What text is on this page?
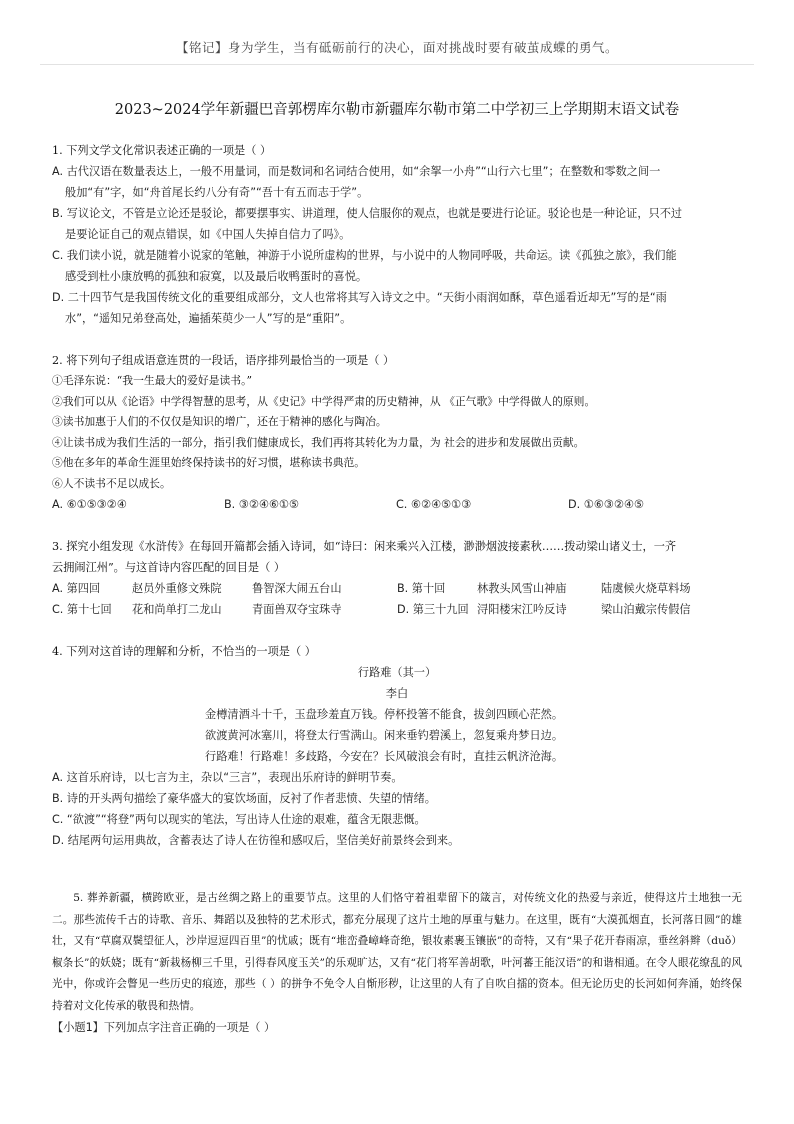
【铭记】身为学生，当有砥砺前行的决心，面对挑战时要有破茧成蝶的勇气。
2023~2024学年新疆巴音郭楞库尔勒市新疆库尔勒市第二中学初三上学期期末语文试卷
1. 下列文学文化常识表述正确的一项是（ ）
A. 古代汉语在数量表达上，一般不用量词，而是数词和名词结合使用，如“余挐一小舟”“山行六七里”；在整数和零数之间一
般加“有”字，如“舟首尾长约八分有奇”“吾十有五而志于学”。
B. 写议论文，不管是立论还是驳论，都要摆事实、讲道理，使人信服你的观点，也就是要进行论证。驳论也是一种论证，只不过
是要论证自己的观点错误，如《中国人失掉自信力了吗》。
C. 我们读小说，就是随着小说家的笔触，神游于小说所虚构的世界，与小说中的人物同呼吸，共命运。读《孤独之旅》，我们能
感受到杜小康放鸭的孤独和寂寞，以及最后收鸭蛋时的喜悦。
D. 二十四节气是我国传统文化的重要组成部分，文人也常将其写入诗文之中。“天街小雨润如酥，草色遥看近却无”写的是“雨
水”，“遥知兄弟登高处，遍插茱萸少一人”写的是“重阳”。
2. 将下列句子组成语意连贯的一段话，语序排列最恰当的一项是（ ）
①毛泽东说：“我一生最大的爱好是读书。”
②我们可以从《论语》中学得智慧的思考，从《史记》中学得严肃的历史精神，从 《正气歌》中学得做人的原则。
③读书加惠于人们的不仅仅是知识的增广，还在于精神的感化与陶冶。
④让读书成为我们生活的一部分，指引我们健康成长，我们再将其转化为力量，为 社会的进步和发展做出贡献。
⑤他在多年的革命生涯里始终保持读书的好习惯，堪称读书典范。
⑥人不读书不足以成长。
A. ⑥①⑤③②④	B. ③②④⑥①⑤	C. ⑥②④⑤①③	D. ①⑥③②④⑤
3. 探究小组发现《水浒传》在每回开篇都会插入诗词，如“诗曰：闲来乘兴入江楼，渺渺烟波接素秋……拨动梁山诸义士，一齐
云拥闹江州”。与这首诗内容匹配的回目是（ ）
A. 第四回	赵员外重修文殊院	鲁智深大闹五台山	B. 第十回	林教头风雪山神庙	陆虞候火烧草料场
C. 第十七回	花和尚单打二龙山	青面兽双夺宝珠寺	D. 第三十九回 浔阳楼宋江吟反诗	梁山泊戴宗传假信
4. 下列对这首诗的理解和分析，不恰当的一项是（ ）
行路难（其一）
李白
金樽清酒斗十千，玉盘珍羞直万钱。停杯投箸不能食，拔剑四顾心茫然。
欲渡黄河冰塞川，将登太行雪满山。闲来垂钓碧溪上，忽复乘舟梦日边。
行路难！行路难！多歧路，今安在？长风破浪会有时，直挂云帆济沧海。
A. 这首乐府诗，以七言为主，杂以“三言”，表现出乐府诗的鲜明节奏。
B. 诗的开头两句描绘了豪华盛大的宴饮场面，反衬了作者悲愤、失望的情绪。
C. “欲渡”“将登”两句以现实的笔法，写出诗人仕途的艰难，蕴含无限悲慨。
D. 结尾两句运用典故，含蓄表达了诗人在彷徨和感叹后，坚信美好前景终会到来。

5. 葬养新疆，横跨欧亚，是古丝绸之路上的重要节点。这里的人们恪守着祖辈留下的箴言，对传统文化的热爱与亲近，使得这片土地独一无二。那些流传千古的诗歌、音乐、舞蹈以及独特的艺术形式，都充分展现了这片土地的厚重与魅力。在这里，既有“大漠孤烟直，长河落日圆”的雄壮，又有“草腐双鬓望征人，沙岸逗逗四百里”的忧戚；既有“堆峦叠嶂峰奇绝，银妆素裹玉镶嵌”的奇特，又有“果子花开春雨凉，垂丝斜辫（duǒ）椒条长”的妖娆；既有“新栽杨柳三千里，引得春风度玉关”的乐观旷达，又有“花门将军善胡歌，叶河蕃王能汉语”的和谐相通。在令人眼花缭乱的风光中，你或许会瞥见一些历史的痕迹，那些（ ）的拼争不免令人自惭形秽，让这里的人有了自吹自擂的资本。但无论历史的长河如何奔涌，始终保持着对文化传承的敬畏和热情。

【小题1】下列加点字注音正确的一项是（ ）
